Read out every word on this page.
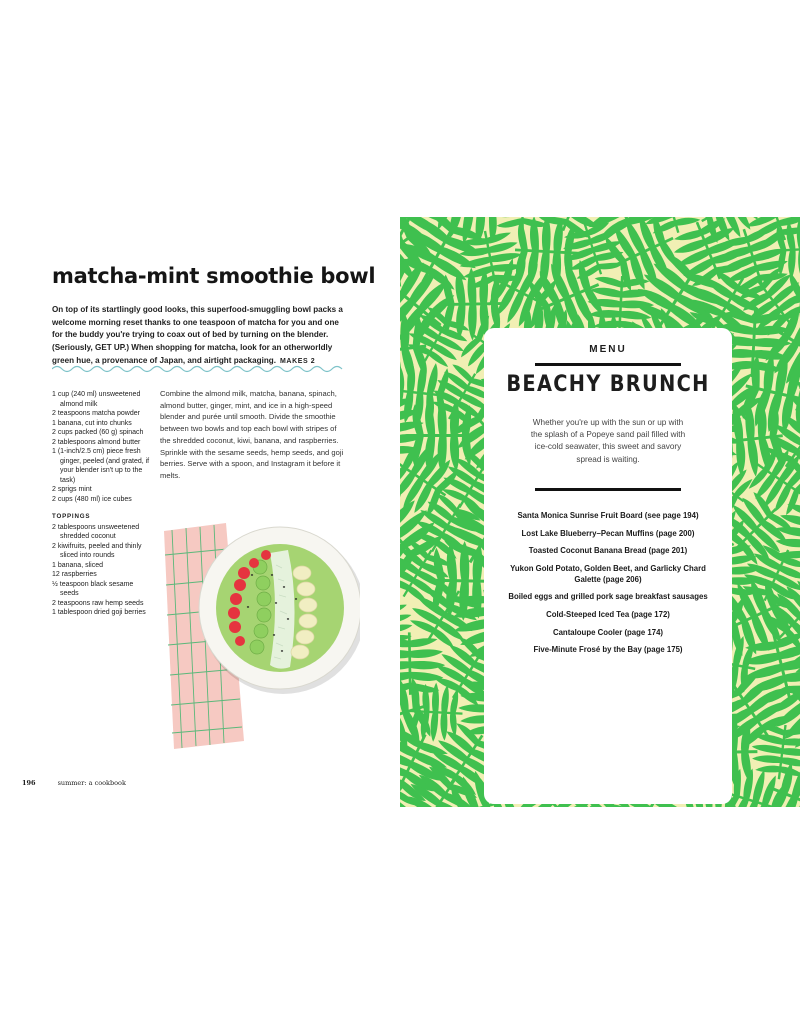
matcha-mint smoothie bowl

On top of its startlingly good looks, this superfood-smuggling bowl packs a welcome morning reset thanks to one teaspoon of matcha for you and one for the buddy you're trying to coax out of bed by turning on the blender. (Seriously, GET UP.) When shopping for matcha, look for an otherworldly green hue, a provenance of Japan, and airtight packaging. MAKES 2

1 cup (240 ml) unsweetened almond milk
2 teaspoons matcha powder
1 banana, cut into chunks
2 cups packed (60 g) spinach
2 tablespoons almond butter
1 (1-inch/2.5 cm) piece fresh ginger, peeled (and grated, if your blender isn't up to the task)
2 sprigs mint
2 cups (480 ml) ice cubes
TOPPINGS
2 tablespoons unsweetened shredded coconut
2 kiwifruits, peeled and thinly sliced into rounds
1 banana, sliced
12 raspberries
½ teaspoon black sesame seeds
2 teaspoons raw hemp seeds
1 tablespoon dried goji berries

Combine the almond milk, matcha, banana, spinach, almond butter, ginger, mint, and ice in a high-speed blender and purée until smooth. Divide the smoothie between two bowls and top each bowl with stripes of the shredded coconut, kiwi, banana, and raspberries. Sprinkle with the sesame seeds, hemp seeds, and goji berries. Serve with a spoon, and Instagram it before it melts.

196	summer: a cookbook
MENU
BEACHY BRUNCH

Whether you're up with the sun or up with the splash of a Popeye sand pail filled with ice-cold seawater, this sweet and savory spread is waiting.

Santa Monica Sunrise Fruit Board (see page 194)
Lost Lake Blueberry–Pecan Muffins (page 200)
Toasted Coconut Banana Bread (page 201)
Yukon Gold Potato, Golden Beet, and Garlicky Chard Galette (page 206)
Boiled eggs and grilled pork sage breakfast sausages
Cold-Steeped Iced Tea (page 172)
Cantaloupe Cooler (page 174)
Five-Minute Frosé by the Bay (page 175)
